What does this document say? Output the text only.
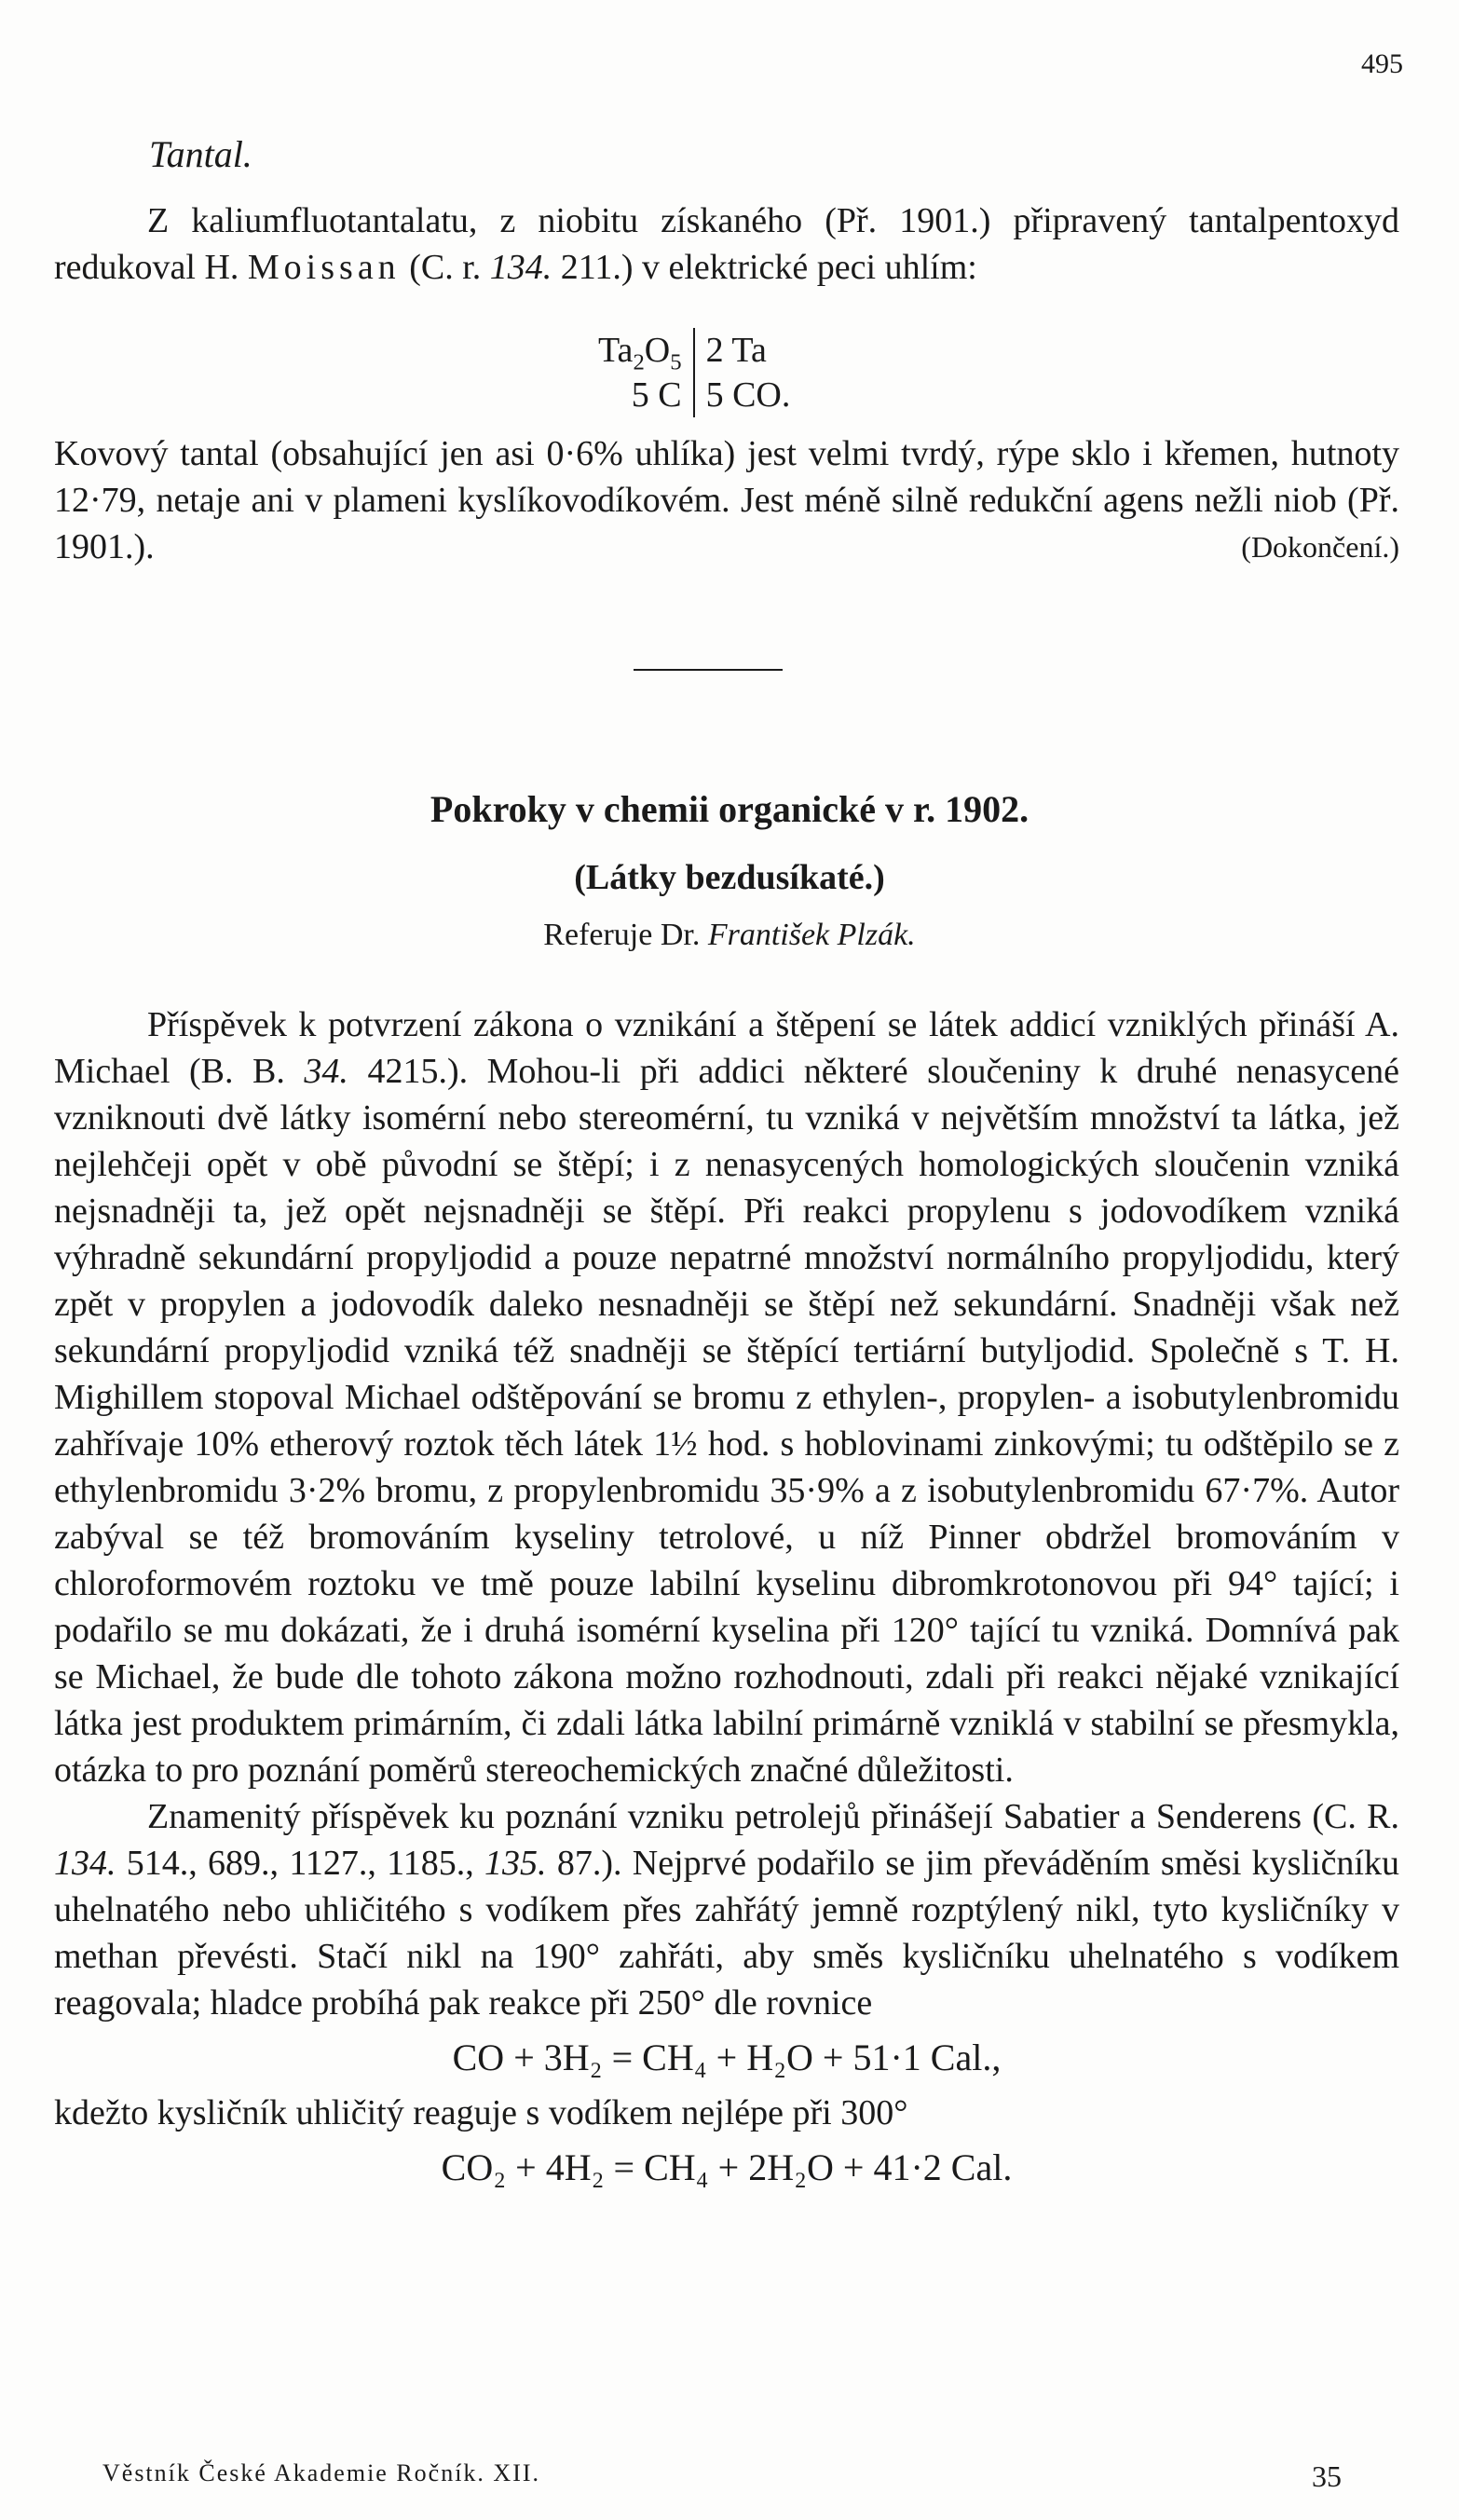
495
Tantal.

Z kaliumfluotantalatu, z niobitu získaného (Př. 1901.) připravený tantalpentoxyd redukoval H. Moissan (C. r. 134. 211.) v elektrické peci uhlím:

$Ta_2O_5$	2 Ta
5 C	5 CO.

Kovový tantal (obsahující jen asi 0·6% uhlíka) jest velmi tvrdý, rýpe sklo i křemen, hutnoty 12·79, netaje ani v plameni kyslíkovodíkovém. Jest méně silně redukční agens nežli niob (Př. 1901.).	(Dokončení.)

Pokroky v chemii organické v r. 1902.
(Látky bezdusíkaté.)
Referuje Dr. František Plzák.

Příspěvek k potvrzení zákona o vznikání a štěpení se látek addicí vzniklých přináší A. Michael (B. B. 34. 4215.). Mohou-li při addici některé sloučeniny k druhé nenasycené vzniknouti dvě látky isomérní nebo stereomérní, tu vzniká v největším množství ta látka, jež nejlehčeji opět v obě původní se štěpí; i z nenasycených homologických sloučenin vzniká nejsnadněji ta, jež opět nejsnadněji se štěpí. Při reakci propylenu s jodovodíkem vzniká výhradně sekundární propyljodid a pouze nepatrné množství normálního propyljodidu, který zpět v propylen a jodovodík daleko nesnadněji se štěpí než sekundární. Snadněji však než sekundární propyljodid vzniká též snadněji se štěpící tertiární butyljodid. Společně s T. H. Mighillem stopoval Michael odštěpování se bromu z ethylen-, propylen- a isobutylenbromidu zahřívaje 10% etherový roztok těch látek 1½ hod. s hoblovinami zinkovými; tu odštěpilo se z ethylenbromidu 3·2% bromu, z propylenbromidu 35·9% a z isobutylenbromidu 67·7%. Autor zabýval se též bromováním kyseliny tetrolové, u níž Pinner obdržel bromováním v chloroformovém roztoku ve tmě pouze labilní kyselinu dibromkrotonovou při 94° tající; i podařilo se mu dokázati, že i druhá isomérní kyselina při 120° tající tu vzniká. Domnívá pak se Michael, že bude dle tohoto zákona možno rozhodnouti, zdali při reakci nějaké vznikající látka jest produktem primárním, či zdali látka labilní primárně vzniklá v stabilní se přesmykla, otázka to pro poznání poměrů stereochemických značné důležitosti.

Znamenitý příspěvek ku poznání vzniku petrolejů přinášejí Sabatier a Senderens (C. R. 134. 514., 689., 1127., 1185., 135. 87.). Nejprvé podařilo se jim převáděním směsi kysličníku uhelnatého nebo uhličitého s vodíkem přes zahřátý jemně rozptýlený nikl, tyto kysličníky v methan převésti. Stačí nikl na 190° zahřáti, aby směs kysličníku uhelnatého s vodíkem reagovala; hladce probíhá pak reakce při 250° dle rovnice

CO + 3H₂ = CH₄ + H₂O + 51·1 Cal.,

kdežto kysličník uhličitý reaguje s vodíkem nejlépe při 300°

CO₂ + 4H₂ = CH₄ + 2H₂O + 41·2 Cal.
Věstník České Akademie Ročník. XII.	35
